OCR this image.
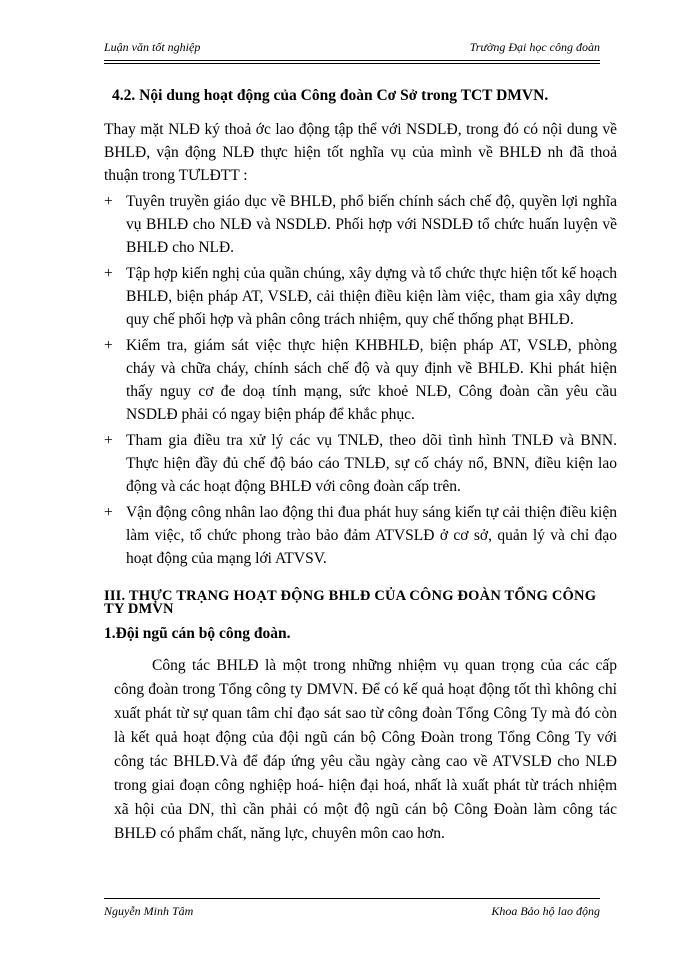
Luận văn tốt nghiệp	Trường Đại học công đoàn
4.2. Nội dung hoạt động của Công đoàn Cơ Sở trong TCT DMVN.

Thay mặt NLĐ ký thoả ớc lao động tập thể với NSDLĐ, trong đó có nội dung về BHLĐ, vận động NLĐ thực hiện tốt nghĩa vụ của mình về BHLĐ nh đã thoả thuận trong TƯLĐTT :

+ Tuyên truyền giáo dục về BHLĐ, phổ biến chính sách chế độ, quyền lợi nghĩa vụ BHLĐ cho NLĐ và NSDLĐ. Phối hợp với NSDLĐ tổ chức huấn luyện về BHLĐ cho NLĐ.
+ Tập hợp kiến nghị của quần chúng, xây dựng và tổ chức thực hiện tốt kế hoạch BHLĐ, biện pháp AT, VSLĐ, cải thiện điều kiện làm việc, tham gia xây dựng quy chế phối hợp và phân công trách nhiệm, quy chế thống phạt BHLĐ.
+ Kiểm tra, giám sát việc thực hiện KHBHLĐ, biện pháp AT, VSLĐ, phòng cháy và chữa cháy, chính sách chế độ và quy định về BHLĐ. Khi phát hiện thấy nguy cơ đe doạ tính mạng, sức khoẻ NLĐ, Công đoàn cần yêu cầu NSDLĐ phải có ngay biện pháp để khắc phục.
+ Tham gia điều tra xử lý các vụ TNLĐ, theo dõi tình hình TNLĐ và BNN. Thực hiện đầy đủ chế độ báo cáo TNLĐ, sự cố cháy nổ, BNN, điều kiện lao động và các hoạt động BHLĐ với công đoàn cấp trên.
+ Vận động công nhân lao động thi đua phát huy sáng kiến tự cải thiện điều kiện làm việc, tổ chức phong trào bảo đảm ATVSLĐ ở cơ sở, quản lý và chỉ đạo hoạt động của mạng lới ATVSV.
III. THỰC TRẠNG HOẠT ĐỘNG BHLĐ CỦA CÔNG ĐOÀN TỔNG CÔNG TY DMVN
1.Đội ngũ cán bộ công đoàn.

Công tác BHLĐ là một trong những nhiệm vụ quan trọng của các cấp công đoàn trong Tổng công ty DMVN. Để có kế quả hoạt động tốt thì không chỉ xuất phát từ sự quan tâm chỉ đạo sát sao từ công đoàn Tổng Công Ty mà đó còn là kết quả hoạt động của đội ngũ cán bộ Công Đoàn trong Tổng Công Ty với công tác BHLĐ.Và để đáp ứng yêu cầu ngày càng cao về ATVSLĐ cho NLĐ trong giai đoạn công nghiệp hoá- hiện đại hoá, nhất là xuất phát từ trách nhiệm xã hội của DN, thì cần phải có một độ ngũ cán bộ Công Đoàn làm công tác BHLĐ có phẩm chất, năng lực, chuyên môn cao hơn.

Nguyễn Minh Tâm	Khoa Bảo hộ lao động
